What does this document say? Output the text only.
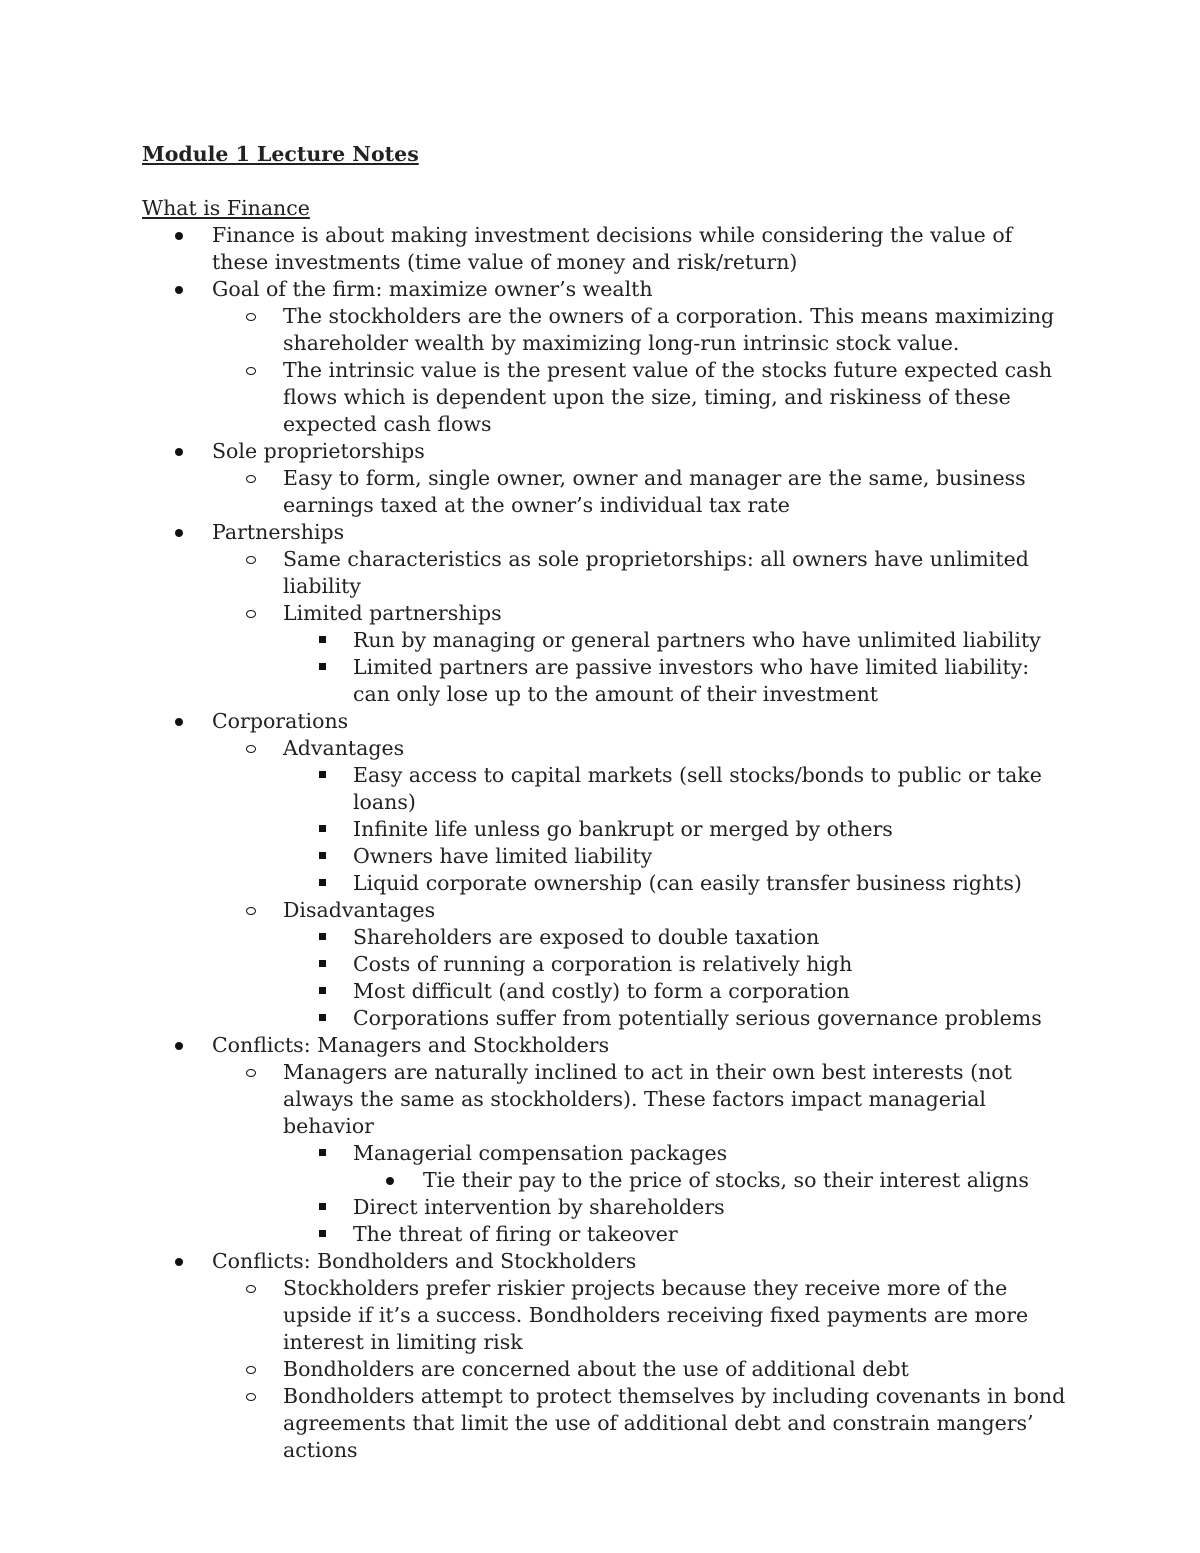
Module 1 Lecture Notes
What is Finance
Finance is about making investment decisions while considering the value of these investments (time value of money and risk/return)
Goal of the firm: maximize owner’s wealth
The stockholders are the owners of a corporation. This means maximizing shareholder wealth by maximizing long-run intrinsic stock value.
The intrinsic value is the present value of the stocks future expected cash flows which is dependent upon the size, timing, and riskiness of these expected cash flows
Sole proprietorships
Easy to form, single owner, owner and manager are the same, business earnings taxed at the owner’s individual tax rate
Partnerships
Same characteristics as sole proprietorships: all owners have unlimited liability
Limited partnerships
Run by managing or general partners who have unlimited liability
Limited partners are passive investors who have limited liability: can only lose up to the amount of their investment
Corporations
Advantages
Easy access to capital markets (sell stocks/bonds to public or take loans)
Infinite life unless go bankrupt or merged by others
Owners have limited liability
Liquid corporate ownership (can easily transfer business rights)
Disadvantages
Shareholders are exposed to double taxation
Costs of running a corporation is relatively high
Most difficult (and costly) to form a corporation
Corporations suffer from potentially serious governance problems
Conflicts: Managers and Stockholders
Managers are naturally inclined to act in their own best interests (not always the same as stockholders). These factors impact managerial behavior
Managerial compensation packages
Tie their pay to the price of stocks, so their interest aligns
Direct intervention by shareholders
The threat of firing or takeover
Conflicts: Bondholders and Stockholders
Stockholders prefer riskier projects because they receive more of the upside if it’s a success. Bondholders receiving fixed payments are more interest in limiting risk
Bondholders are concerned about the use of additional debt
Bondholders attempt to protect themselves by including covenants in bond agreements that limit the use of additional debt and constrain mangers’ actions
